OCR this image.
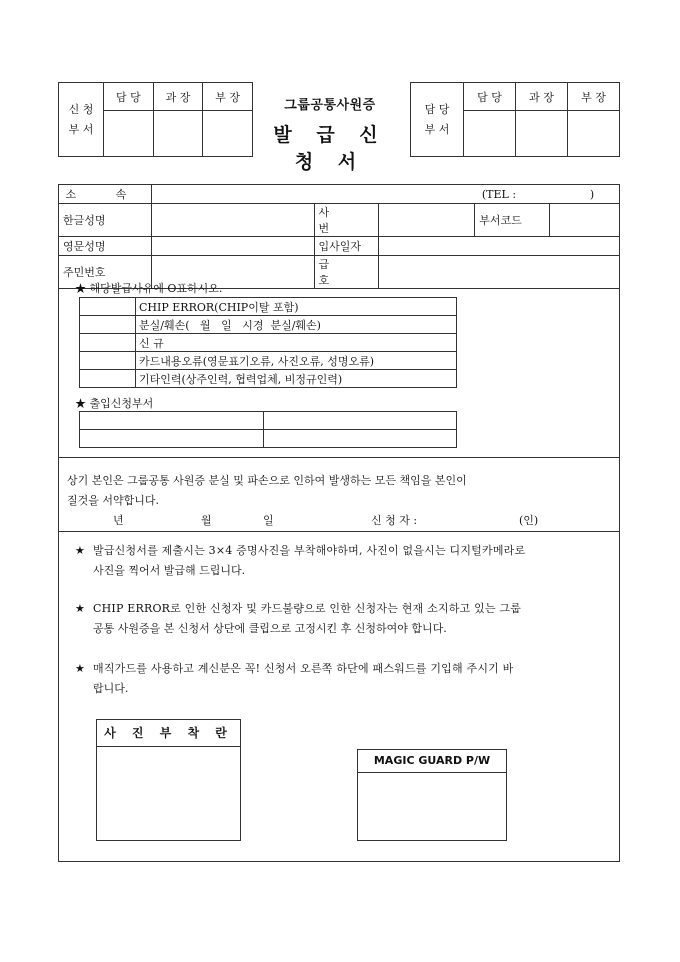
신 청
부 서	담 당	과 장	부 장

그룹공통사원증
발 급 신 청 서
담 당
부 서	담 당	과 장	부 장

소 속	(TEL : )				

한글성명		사 번		부서코드	
영문성명		입사일자			
주민번호		급 호			
★ 해당발급사유에 O표하시오.
	CHIP ERROR(CHIP이탈 포함)
	분실/훼손(   월   일   시경  분실/훼손)
	신 규
	카드내용오류(영문표기오류, 사진오류, 성명오류)
	기타인력(상주인력, 협력업체, 비정규인력)
★ 출입신청부서

상기 본인은 그룹공통 사원증 분실 및 파손으로 인하여 발생하는 모든 책임을 본인이
질것을 서약합니다.
년	월	일	신 청 자 :	(인)
★ 발급신청서를 제출시는 3×4 증명사진을 부착해야하며, 사진이 없을시는 디지털카메라로
사진을 찍어서 발급해 드립니다.
★ CHIP ERROR로 인한 신청자 및 카드불량으로 인한 신청자는 현재 소지하고 있는 그룹
공통 사원증을 본 신청서 상단에 클립으로 고정시킨 후 신청하여야 합니다.
★ 매직가드를 사용하고 계신분은 꼭! 신청서 오른쪽 하단에 패스워드를 기입해 주시기 바
랍니다.
사 진 부 착 란
MAGIC GUARD P/W
